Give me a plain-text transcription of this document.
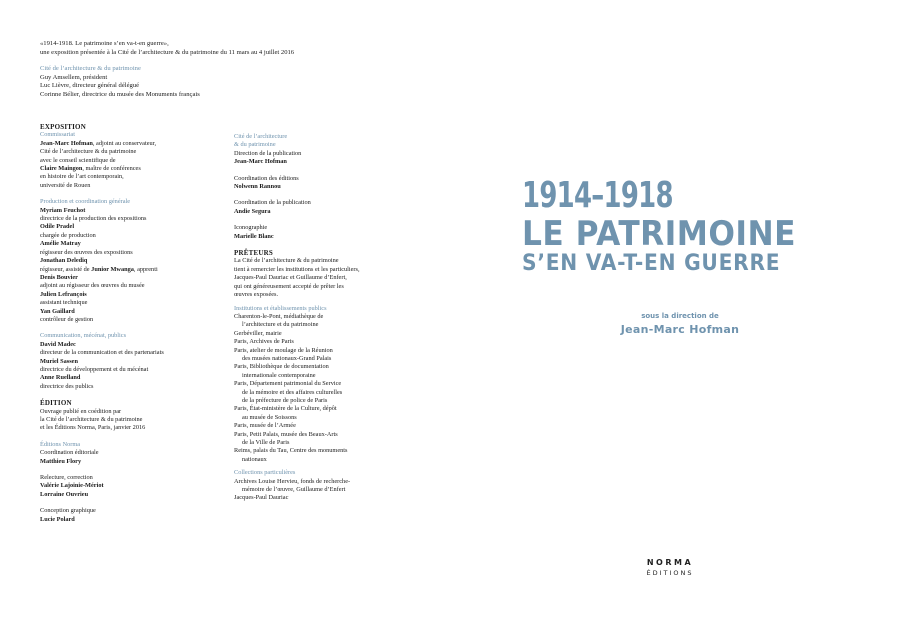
«1914-1918. Le patrimoine s’en va-t-en guerre»,
une exposition présentée à la Cité de l’architecture & du patrimoine du 11 mars au 4 juillet 2016
Cité de l’architecture & du patrimoine
Guy Amsellem, président
Luc Lièvre, directeur général délégué
Corinne Bélier, directrice du musée des Monuments français
EXPOSITION
Commissariat
Jean-Marc Hofman, adjoint au conservateur,
Cité de l’architecture & du patrimoine
avec le conseil scientifique de
Claire Maingon, maître de conférences
en histoire de l’art contemporain,
université de Rouen
Production et coordination générale
Myriam Feuchot
directrice de la production des expositions
Odile Pradel
chargée de production
Amélie Matray
régisseur des œuvres des expositions
Jonathan Delediq
régisseur, assisté de Junior Mwanga, apprenti
Denis Bouvier
adjoint au régisseur des œuvres du musée
Julien Lefrançois
assistant technique
Yan Gaillard
contrôleur de gestion
Communication, mécénat, publics
David Madec
directeur de la communication et des partenariats
Muriel Sassen
directrice du développement et du mécénat
Anne Ruelland
directrice des publics
ÉDITION
Ouvrage publié en coédition par
la Cité de l’architecture & du patrimoine
et les Éditions Norma, Paris, janvier 2016
Éditions Norma
Coordination éditoriale
Matthieu Flory
Relecture, correction
Valérie Lajoinie-Mériot
Lorraine Ouvrieu
Conception graphique
Lucie Polard
Cité de l’architecture
& du patrimoine
Direction de la publication
Jean-Marc Hofman
Coordination des éditions
Nolwenn Rannou
Coordination de la publication
Andie Segura
Iconographie
Marielle Blanc
PRÊTEURS
La Cité de l’architecture & du patrimoine
tient à remercier les institutions et les particuliers,
Jacques-Paul Dauriac et Guillaume d’Enfert,
qui ont généreusement accepté de prêter les
œuvres exposées.
Institutions et établissements publics
Charenton-le-Pont, médiathèque de
l’architecture et du patrimoine
Gerbéviller, mairie
Paris, Archives de Paris
Paris, atelier de moulage de la Réunion
des musées nationaux-Grand Palais
Paris, Bibliothèque de documentation
internationale contemporaine
Paris, Département patrimonial du Service
de la mémoire et des affaires culturelles
de la préfecture de police de Paris
Paris, État-ministère de la Culture, dépôt
au musée de Soissons
Paris, musée de l’Armée
Paris, Petit Palais, musée des Beaux-Arts
de la Ville de Paris
Reims, palais du Tau, Centre des monuments
nationaux
Collections particulières
Archives Louise Hervieu, fonds de recherche-
mémoire de l’œuvre, Guillaume d’Enfert
Jacques-Paul Dauriac
1914–1918
LE PATRIMOINE
S’EN VA-T-EN GUERRE
sous la direction de
Jean-Marc Hofman
NORMA
ÉDITIONS
